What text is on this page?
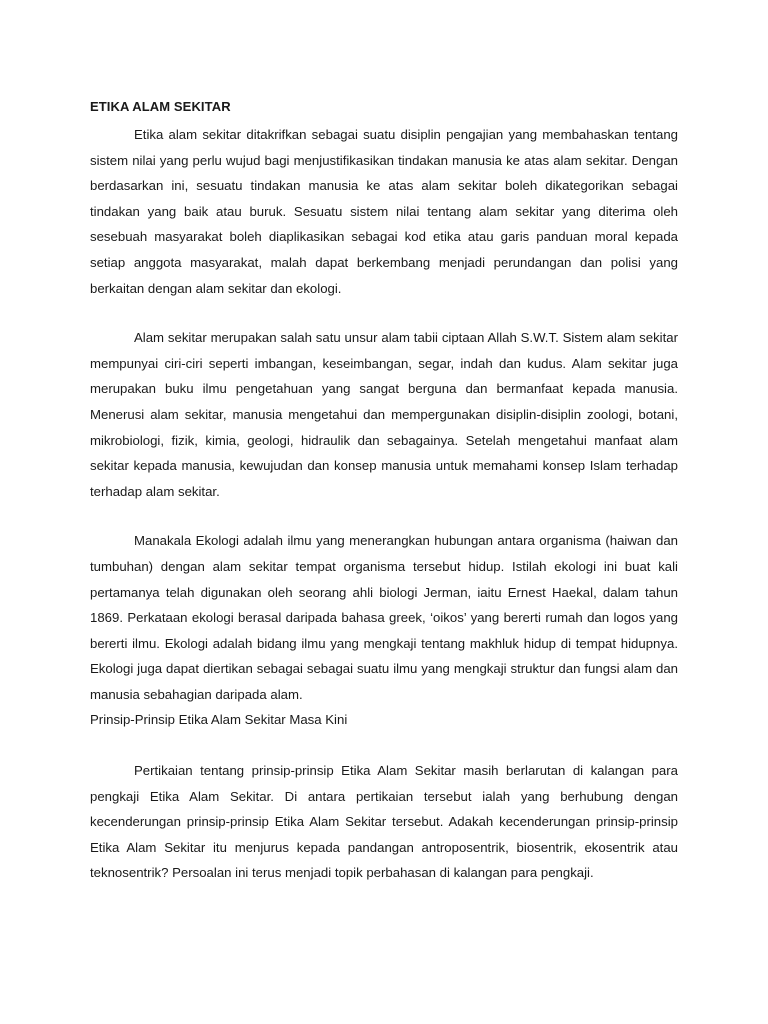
ETIKA ALAM SEKITAR

Etika alam sekitar ditakrifkan sebagai suatu disiplin pengajian yang membahaskan tentang sistem nilai yang perlu wujud bagi menjustifikasikan tindakan manusia ke atas alam sekitar. Dengan berdasarkan ini, sesuatu tindakan manusia ke atas alam sekitar boleh dikategorikan sebagai tindakan yang baik atau buruk. Sesuatu sistem nilai tentang alam sekitar yang diterima oleh sesebuah masyarakat boleh diaplikasikan sebagai kod etika atau garis panduan moral kepada setiap anggota masyarakat, malah dapat berkembang menjadi perundangan dan polisi yang berkaitan dengan alam sekitar dan ekologi.

Alam sekitar merupakan salah satu unsur alam tabii ciptaan Allah S.W.T. Sistem alam sekitar mempunyai ciri-ciri seperti imbangan, keseimbangan, segar, indah dan kudus. Alam sekitar juga merupakan buku ilmu pengetahuan yang sangat berguna dan bermanfaat kepada manusia. Menerusi alam sekitar, manusia mengetahui dan mempergunakan disiplin-disiplin zoologi, botani, mikrobiologi, fizik, kimia, geologi, hidraulik dan sebagainya. Setelah mengetahui manfaat alam sekitar kepada manusia, kewujudan dan konsep manusia untuk memahami konsep Islam terhadap terhadap alam sekitar.

Manakala Ekologi adalah ilmu yang menerangkan hubungan antara organisma (haiwan dan tumbuhan) dengan alam sekitar tempat organisma tersebut hidup. Istilah ekologi ini buat kali pertamanya telah digunakan oleh seorang ahli biologi Jerman, iaitu Ernest Haekal, dalam tahun 1869. Perkataan ekologi berasal daripada bahasa greek, ‘oikos’ yang bererti rumah dan logos yang bererti ilmu. Ekologi adalah bidang ilmu yang mengkaji tentang makhluk hidup di tempat hidupnya. Ekologi juga dapat diertikan sebagai sebagai suatu ilmu yang mengkaji struktur dan fungsi alam dan manusia sebahagian daripada alam.

Prinsip-Prinsip Etika Alam Sekitar Masa Kini

Pertikaian tentang prinsip-prinsip Etika Alam Sekitar masih berlarutan di kalangan para pengkaji Etika Alam Sekitar. Di antara pertikaian tersebut ialah yang berhubung dengan kecenderungan prinsip-prinsip Etika Alam Sekitar tersebut. Adakah kecenderungan prinsip-prinsip Etika Alam Sekitar itu menjurus kepada pandangan antroposentrik, biosentrik, ekosentrik atau teknosentrik? Persoalan ini terus menjadi topik perbahasan di kalangan para pengkaji.
